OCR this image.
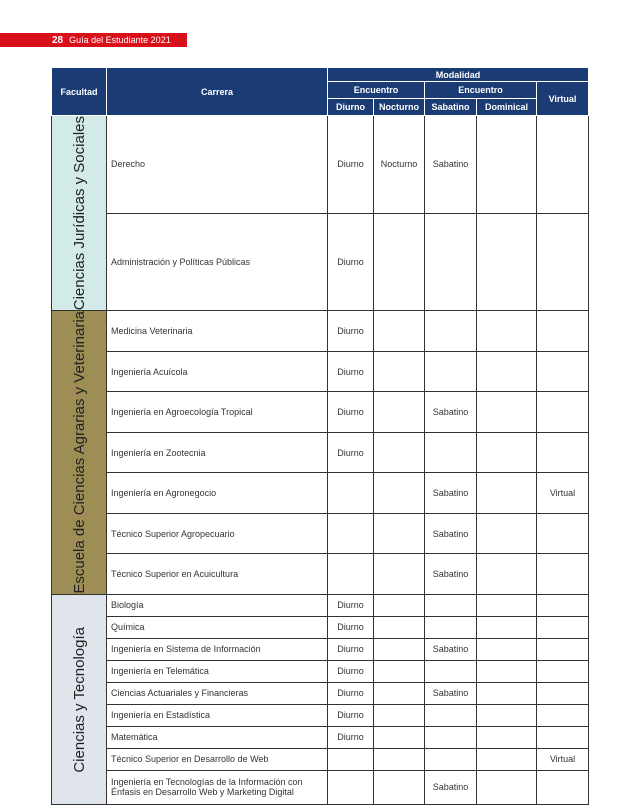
28 Guía del Estudiante 2021
Facultad	Carrera	Modalidad				
		Encuentro		Encuentro		Virtual
		Diurno	Nocturno	Sabatino	Dominical	

Ciencias Jurídicas y Sociales	Derecho	Diurno	Nocturno	Sabatino		
	Administración y Políticas Públicas	Diurno				

Escuela de Ciencias Agrarias y Veterinaria	Medicina Veterinaria	Diurno				
	Ingeniería Acuícola	Diurno				
	Ingeniería en Agroecología Tropical	Diurno		Sabatino		
	Ingeniería en Zootecnia	Diurno				
	Ingeniería en Agronegocio			Sabatino		Virtual
	Técnico Superior Agropecuario			Sabatino		
	Técnico Superior en Acuicultura			Sabatino		

Ciencias y Tecnología	Biología	Diurno				
	Química	Diurno				
	Ingeniería en Sistema de Información	Diurno		Sabatino		
	Ingeniería en Telemática	Diurno				
	Ciencias Actuariales y Financieras	Diurno		Sabatino		
	Ingeniería en Estadística	Diurno				
	Matemática	Diurno				
	Técnico Superior en Desarrollo de Web					Virtual
	Ingeniería en Tecnologías de la Información con Énfasis en Desarrollo Web y Marketing Digital			Sabatino		
